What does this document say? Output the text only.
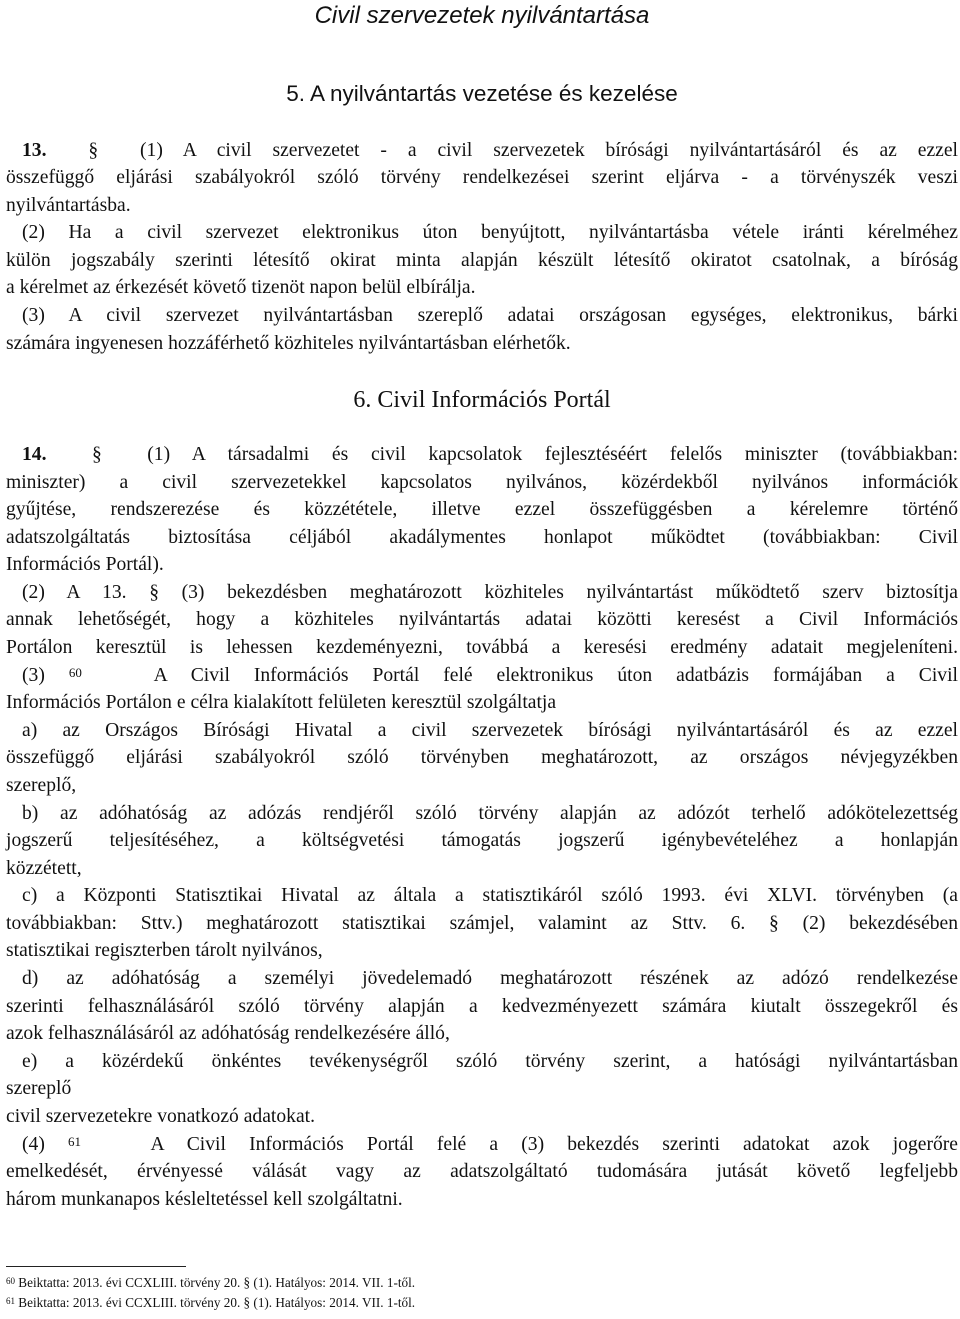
Civil szervezetek nyilvántartása
5. A nyilvántartás vezetése és kezelése
13. § (1) A civil szervezetet - a civil szervezetek bírósági nyilvántartásáról és az ezzel
összefüggő eljárási szabályokról szóló törvény rendelkezései szerint eljárva - a törvényszék veszi
nyilvántartásba.
(2) Ha a civil szervezet elektronikus úton benyújtott, nyilvántartásba vétele iránti kérelméhez
külön jogszabály szerinti létesítő okirat minta alapján készült létesítő okiratot csatolnak, a bíróság
a kérelmet az érkezését követő tizenöt napon belül elbírálja.
(3) A civil szervezet nyilvántartásban szereplő adatai országosan egységes, elektronikus, bárki
számára ingyenesen hozzáférhető közhiteles nyilvántartásban elérhetők.
6. Civil Információs Portál
14. § (1) A társadalmi és civil kapcsolatok fejlesztéséért felelős miniszter (továbbiakban:
miniszter) a civil szervezetekkel kapcsolatos nyilvános, közérdekből nyilvános információk
gyűjtése, rendszerezése és közzététele, illetve ezzel összefüggésben a kérelemre történő
adatszolgáltatás biztosítása céljából akadálymentes honlapot működtet (továbbiakban: Civil
Információs Portál).
(2) A 13. § (3) bekezdésben meghatározott közhiteles nyilvántartást működtető szerv biztosítja
annak lehetőségét, hogy a közhiteles nyilvántartás adatai közötti keresést a Civil Információs
Portálon keresztül is lehessen kezdeményezni, továbbá a keresési eredmény adatait megjeleníteni.
(3) $^{60}$	A Civil Információs Portál felé elektronikus úton adatbázis formájában a Civil
Információs Portálon e célra kialakított felületen keresztül szolgáltatja
a) az Országos Bírósági Hivatal a civil szervezetek bírósági nyilvántartásáról és az ezzel
összefüggő eljárási szabályokról szóló törvényben meghatározott, az országos névjegyzékben
szereplő,
b) az adóhatóság az adózás rendjéről szóló törvény alapján az adózót terhelő adókötelezettség
jogszerű teljesítéséhez, a költségvetési támogatás jogszerű igénybevételéhez a honlapján
közzétett,
c) a Központi Statisztikai Hivatal az általa a statisztikáról szóló 1993. évi XLVI. törvényben (a
továbbiakban: Sttv.) meghatározott statisztikai számjel, valamint az Sttv. 6. § (2) bekezdésében
statisztikai regiszterben tárolt nyilvános,
d) az adóhatóság a személyi jövedelemadó meghatározott részének az adózó rendelkezése
szerinti felhasználásáról szóló törvény alapján a kedvezményezett számára kiutalt összegekről és
azok felhasználásáról az adóhatóság rendelkezésére álló,
e) a közérdekű önkéntes tevékenységről szóló törvény szerint, a hatósági nyilvántartásban
szereplő
civil szervezetekre vonatkozó adatokat.
(4) $^{61}$	A Civil Információs Portál felé a (3) bekezdés szerinti adatokat azok jogerőre
emelkedését, érvényessé válását vagy az adatszolgáltató tudomására jutását követő legfeljebb
három munkanapos késleltetéssel kell szolgáltatni.
$^{60}$ Beiktatta: 2013. évi CCXLIII. törvény 20. § (1). Hatályos: 2014. VII. 1-től.
$^{61}$ Beiktatta: 2013. évi CCXLIII. törvény 20. § (1). Hatályos: 2014. VII. 1-től.
